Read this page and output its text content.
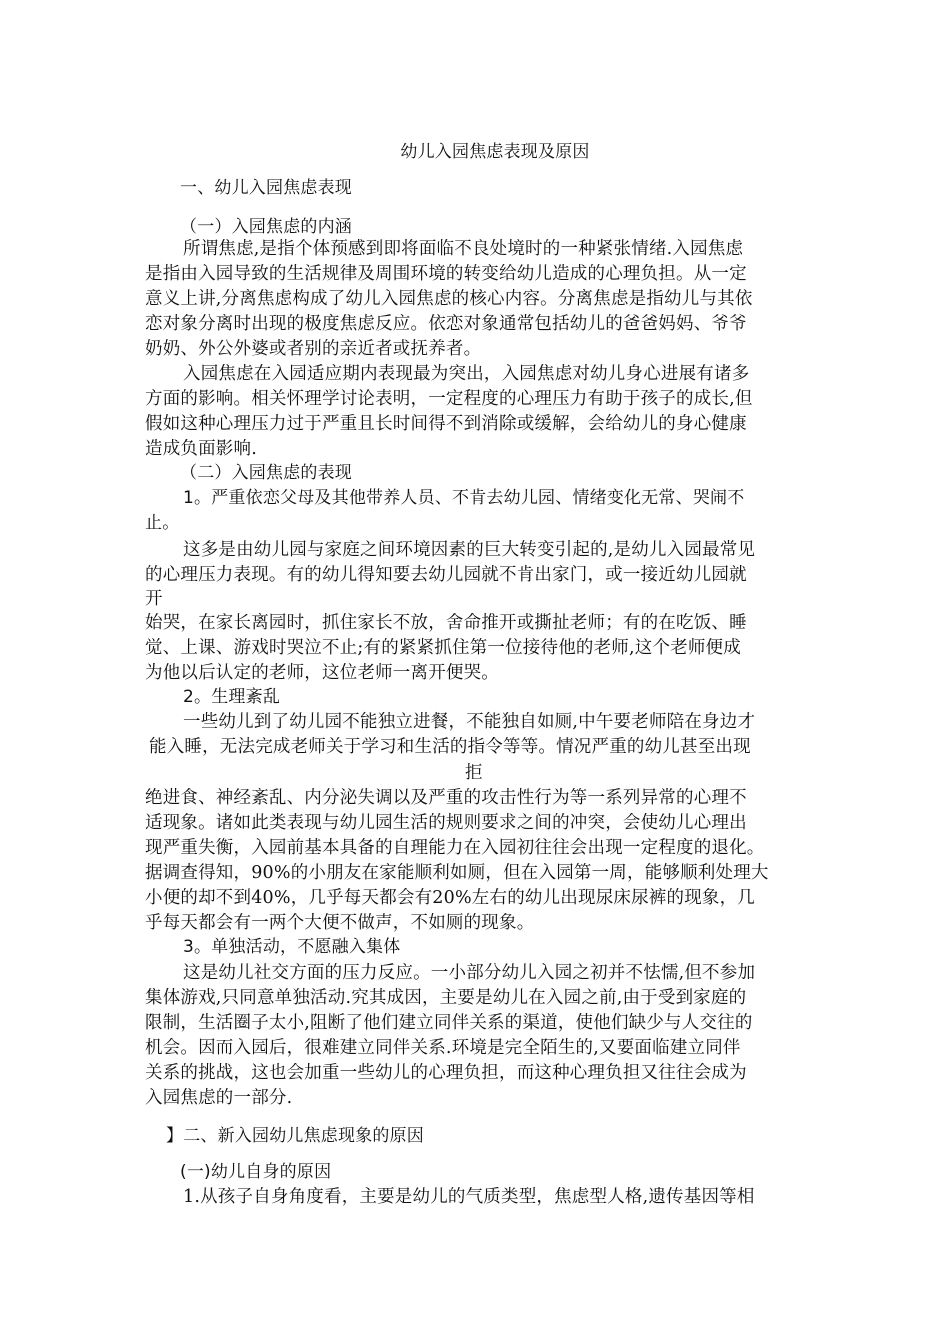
幼儿入园焦虑表现及原因
一、幼儿入园焦虑表现
（一）入园焦虑的内涵
所谓焦虑,是指个体预感到即将面临不良处境时的一种紧张情绪.入园焦虑
是指由入园导致的生活规律及周围环境的转变给幼儿造成的心理负担。从一定
意义上讲,分离焦虑构成了幼儿入园焦虑的核心内容。分离焦虑是指幼儿与其依
恋对象分离时出现的极度焦虑反应。依恋对象通常包括幼儿的爸爸妈妈、爷爷
奶奶、外公外婆或者别的亲近者或抚养者。
入园焦虑在入园适应期内表现最为突出，入园焦虑对幼儿身心进展有诸多
方面的影响。相关怀理学讨论表明，一定程度的心理压力有助于孩子的成长,但
假如这种心理压力过于严重且长时间得不到消除或缓解，会给幼儿的身心健康
造成负面影响.
（二）入园焦虑的表现
1。严重依恋父母及其他带养人员、不肯去幼儿园、情绪变化无常、哭闹不
止。
这多是由幼儿园与家庭之间环境因素的巨大转变引起的,是幼儿入园最常见
的心理压力表现。有的幼儿得知要去幼儿园就不肯出家门，或一接近幼儿园就
开
始哭，在家长离园时，抓住家长不放，舍命推开或撕扯老师；有的在吃饭、睡
觉、上课、游戏时哭泣不止;有的紧紧抓住第一位接待他的老师,这个老师便成
为他以后认定的老师，这位老师一离开便哭。
2。生理紊乱
一些幼儿到了幼儿园不能独立进餐，不能独自如厕,中午要老师陪在身边才
能入睡，无法完成老师关于学习和生活的指令等等。情况严重的幼儿甚至出现
拒
绝进食、神经紊乱、内分泌失调以及严重的攻击性行为等一系列异常的心理不
适现象。诸如此类表现与幼儿园生活的规则要求之间的冲突，会使幼儿心理出
现严重失衡，入园前基本具备的自理能力在入园初往往会出现一定程度的退化。
据调查得知，90%的小朋友在家能顺利如厕，但在入园第一周，能够顺利处理大
小便的却不到40%，几乎每天都会有20%左右的幼儿出现尿床尿裤的现象，几
乎每天都会有一两个大便不做声，不如厕的现象。
3。单独活动，不愿融入集体
这是幼儿社交方面的压力反应。一小部分幼儿入园之初并不怯懦,但不参加
集体游戏,只同意单独活动.究其成因，主要是幼儿在入园之前,由于受到家庭的
限制，生活圈子太小,阻断了他们建立同伴关系的渠道，使他们缺少与人交往的
机会。因而入园后，很难建立同伴关系.环境是完全陌生的,又要面临建立同伴
关系的挑战，这也会加重一些幼儿的心理负担，而这种心理负担又往往会成为
入园焦虑的一部分.
】二、新入园幼儿焦虑现象的原因
(一)幼儿自身的原因
1.从孩子自身角度看，主要是幼儿的气质类型，焦虑型人格,遗传基因等相
